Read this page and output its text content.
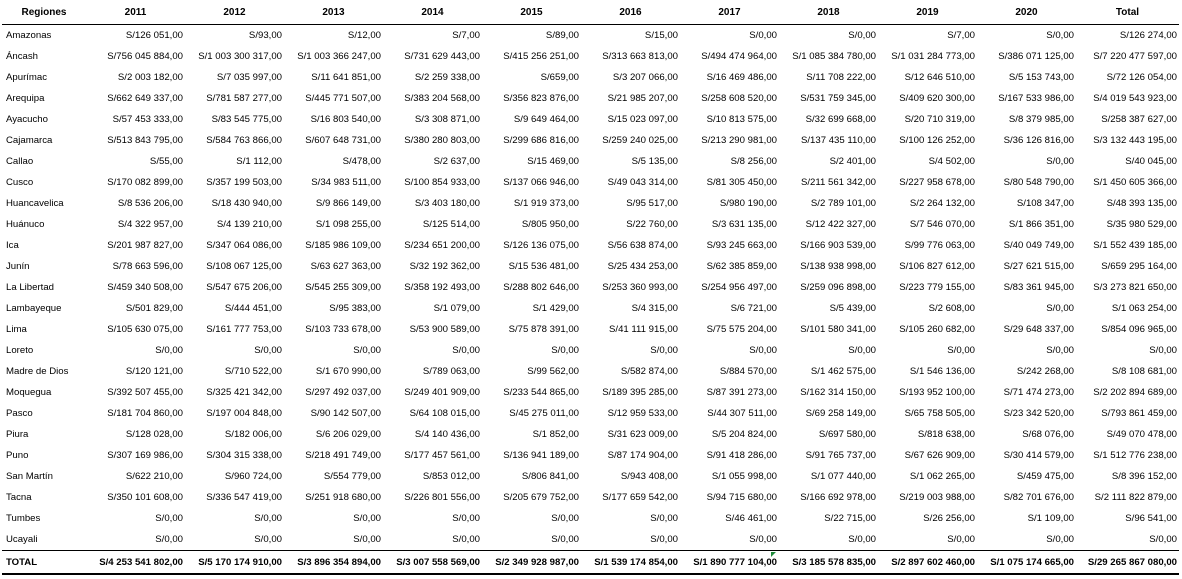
Regiones	2011	2012	2013	2014	2015	2016	2017	2018	2019	2020	Total
Amazonas	S/126 051,00	S/93,00	S/12,00	S/7,00	S/89,00	S/15,00	S/0,00	S/0,00	S/7,00	S/0,00	S/126 274,00
Áncash	S/756 045 884,00	S/1 003 300 317,00	S/1 003 366 247,00	S/731 629 443,00	S/415 256 251,00	S/313 663 813,00	S/494 474 964,00	S/1 085 384 780,00	S/1 031 284 773,00	S/386 071 125,00	S/7 220 477 597,00
Apurímac	S/2 003 182,00	S/7 035 997,00	S/11 641 851,00	S/2 259 338,00	S/659,00	S/3 207 066,00	S/16 469 486,00	S/11 708 222,00	S/12 646 510,00	S/5 153 743,00	S/72 126 054,00
Arequipa	S/662 649 337,00	S/781 587 277,00	S/445 771 507,00	S/383 204 568,00	S/356 823 876,00	S/21 985 207,00	S/258 608 520,00	S/531 759 345,00	S/409 620 300,00	S/167 533 986,00	S/4 019 543 923,00
Ayacucho	S/57 453 333,00	S/83 545 775,00	S/16 803 540,00	S/3 308 871,00	S/9 649 464,00	S/15 023 097,00	S/10 813 575,00	S/32 699 668,00	S/20 710 319,00	S/8 379 985,00	S/258 387 627,00
Cajamarca	S/513 843 795,00	S/584 763 866,00	S/607 648 731,00	S/380 280 803,00	S/299 686 816,00	S/259 240 025,00	S/213 290 981,00	S/137 435 110,00	S/100 126 252,00	S/36 126 816,00	S/3 132 443 195,00
Callao	S/55,00	S/1 112,00	S/478,00	S/2 637,00	S/15 469,00	S/5 135,00	S/8 256,00	S/2 401,00	S/4 502,00	S/0,00	S/40 045,00
Cusco	S/170 082 899,00	S/357 199 503,00	S/34 983 511,00	S/100 854 933,00	S/137 066 946,00	S/49 043 314,00	S/81 305 450,00	S/211 561 342,00	S/227 958 678,00	S/80 548 790,00	S/1 450 605 366,00
Huancavelica	S/8 536 206,00	S/18 430 940,00	S/9 866 149,00	S/3 403 180,00	S/1 919 373,00	S/95 517,00	S/980 190,00	S/2 789 101,00	S/2 264 132,00	S/108 347,00	S/48 393 135,00
Huánuco	S/4 322 957,00	S/4 139 210,00	S/1 098 255,00	S/125 514,00	S/805 950,00	S/22 760,00	S/3 631 135,00	S/12 422 327,00	S/7 546 070,00	S/1 866 351,00	S/35 980 529,00
Ica	S/201 987 827,00	S/347 064 086,00	S/185 986 109,00	S/234 651 200,00	S/126 136 075,00	S/56 638 874,00	S/93 245 663,00	S/166 903 539,00	S/99 776 063,00	S/40 049 749,00	S/1 552 439 185,00
Junín	S/78 663 596,00	S/108 067 125,00	S/63 627 363,00	S/32 192 362,00	S/15 536 481,00	S/25 434 253,00	S/62 385 859,00	S/138 938 998,00	S/106 827 612,00	S/27 621 515,00	S/659 295 164,00
La Libertad	S/459 340 508,00	S/547 675 206,00	S/545 255 309,00	S/358 192 493,00	S/288 802 646,00	S/253 360 993,00	S/254 956 497,00	S/259 096 898,00	S/223 779 155,00	S/83 361 945,00	S/3 273 821 650,00
Lambayeque	S/501 829,00	S/444 451,00	S/95 383,00	S/1 079,00	S/1 429,00	S/4 315,00	S/6 721,00	S/5 439,00	S/2 608,00	S/0,00	S/1 063 254,00
Lima	S/105 630 075,00	S/161 777 753,00	S/103 733 678,00	S/53 900 589,00	S/75 878 391,00	S/41 111 915,00	S/75 575 204,00	S/101 580 341,00	S/105 260 682,00	S/29 648 337,00	S/854 096 965,00
Loreto	S/0,00	S/0,00	S/0,00	S/0,00	S/0,00	S/0,00	S/0,00	S/0,00	S/0,00	S/0,00	S/0,00
Madre de Dios	S/120 121,00	S/710 522,00	S/1 670 990,00	S/789 063,00	S/99 562,00	S/582 874,00	S/884 570,00	S/1 462 575,00	S/1 546 136,00	S/242 268,00	S/8 108 681,00
Moquegua	S/392 507 455,00	S/325 421 342,00	S/297 492 037,00	S/249 401 909,00	S/233 544 865,00	S/189 395 285,00	S/87 391 273,00	S/162 314 150,00	S/193 952 100,00	S/71 474 273,00	S/2 202 894 689,00
Pasco	S/181 704 860,00	S/197 004 848,00	S/90 142 507,00	S/64 108 015,00	S/45 275 011,00	S/12 959 533,00	S/44 307 511,00	S/69 258 149,00	S/65 758 505,00	S/23 342 520,00	S/793 861 459,00
Piura	S/128 028,00	S/182 006,00	S/6 206 029,00	S/4 140 436,00	S/1 852,00	S/31 623 009,00	S/5 204 824,00	S/697 580,00	S/818 638,00	S/68 076,00	S/49 070 478,00
Puno	S/307 169 986,00	S/304 315 338,00	S/218 491 749,00	S/177 457 561,00	S/136 941 189,00	S/87 174 904,00	S/91 418 286,00	S/91 765 737,00	S/67 626 909,00	S/30 414 579,00	S/1 512 776 238,00
San Martín	S/622 210,00	S/960 724,00	S/554 779,00	S/853 012,00	S/806 841,00	S/943 408,00	S/1 055 998,00	S/1 077 440,00	S/1 062 265,00	S/459 475,00	S/8 396 152,00
Tacna	S/350 101 608,00	S/336 547 419,00	S/251 918 680,00	S/226 801 556,00	S/205 679 752,00	S/177 659 542,00	S/94 715 680,00	S/166 692 978,00	S/219 003 988,00	S/82 701 676,00	S/2 111 822 879,00
Tumbes	S/0,00	S/0,00	S/0,00	S/0,00	S/0,00	S/0,00	S/46 461,00	S/22 715,00	S/26 256,00	S/1 109,00	S/96 541,00
Ucayali	S/0,00	S/0,00	S/0,00	S/0,00	S/0,00	S/0,00	S/0,00	S/0,00	S/0,00	S/0,00	S/0,00
TOTAL	S/4 253 541 802,00	S/5 170 174 910,00	S/3 896 354 894,00	S/3 007 558 569,00	S/2 349 928 987,00	S/1 539 174 854,00	S/1 890 777 104,00	S/3 185 578 835,00	S/2 897 602 460,00	S/1 075 174 665,00	S/29 265 867 080,00
